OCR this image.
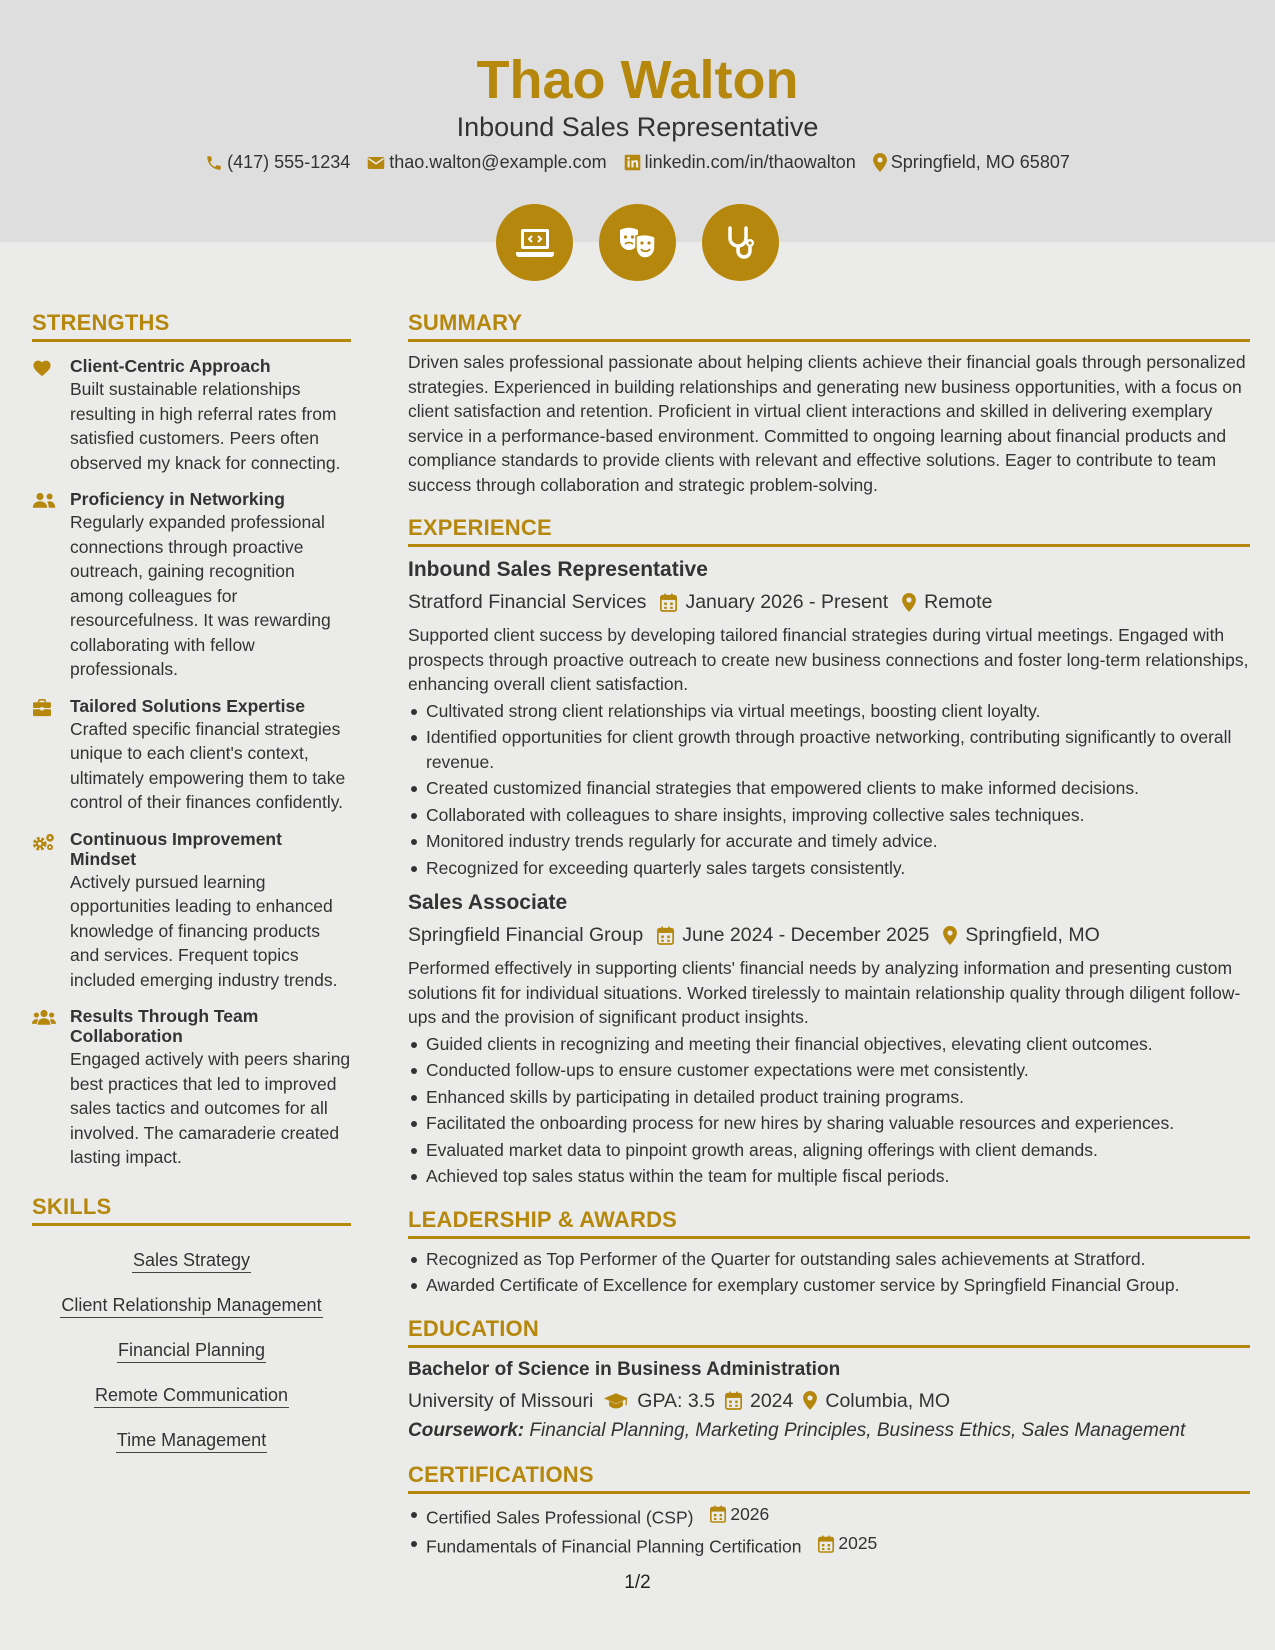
Thao Walton
Inbound Sales Representative
(417) 555-1234 thao.walton@example.com linkedin.com/in/thaowalton Springfield, MO 65807
STRENGTHS
Client-Centric Approach
Built sustainable relationships resulting in high referral rates from satisfied customers. Peers often observed my knack for connecting.
Proficiency in Networking
Regularly expanded professional connections through proactive outreach, gaining recognition among colleagues for resourcefulness. It was rewarding collaborating with fellow professionals.
Tailored Solutions Expertise
Crafted specific financial strategies unique to each client's context, ultimately empowering them to take control of their finances confidently.
Continuous Improvement Mindset
Actively pursued learning opportunities leading to enhanced knowledge of financing products and services. Frequent topics included emerging industry trends.
Results Through Team Collaboration
Engaged actively with peers sharing best practices that led to improved sales tactics and outcomes for all involved. The camaraderie created lasting impact.
SKILLS
Sales Strategy
Client Relationship Management
Financial Planning
Remote Communication
Time Management
SUMMARY
Driven sales professional passionate about helping clients achieve their financial goals through personalized strategies. Experienced in building relationships and generating new business opportunities, with a focus on client satisfaction and retention. Proficient in virtual client interactions and skilled in delivering exemplary service in a performance-based environment. Committed to ongoing learning about financial products and compliance standards to provide clients with relevant and effective solutions. Eager to contribute to team success through collaboration and strategic problem-solving.
EXPERIENCE
Inbound Sales Representative
Stratford Financial Services January 2026 - Present Remote
Supported client success by developing tailored financial strategies during virtual meetings. Engaged with prospects through proactive outreach to create new business connections and foster long-term relationships, enhancing overall client satisfaction.
Cultivated strong client relationships via virtual meetings, boosting client loyalty.
Identified opportunities for client growth through proactive networking, contributing significantly to overall revenue.
Created customized financial strategies that empowered clients to make informed decisions.
Collaborated with colleagues to share insights, improving collective sales techniques.
Monitored industry trends regularly for accurate and timely advice.
Recognized for exceeding quarterly sales targets consistently.
Sales Associate
Springfield Financial Group June 2024 - December 2025 Springfield, MO
Performed effectively in supporting clients' financial needs by analyzing information and presenting custom solutions fit for individual situations. Worked tirelessly to maintain relationship quality through diligent follow-ups and the provision of significant product insights.
Guided clients in recognizing and meeting their financial objectives, elevating client outcomes.
Conducted follow-ups to ensure customer expectations were met consistently.
Enhanced skills by participating in detailed product training programs.
Facilitated the onboarding process for new hires by sharing valuable resources and experiences.
Evaluated market data to pinpoint growth areas, aligning offerings with client demands.
Achieved top sales status within the team for multiple fiscal periods.
LEADERSHIP & AWARDS
Recognized as Top Performer of the Quarter for outstanding sales achievements at Stratford.
Awarded Certificate of Excellence for exemplary customer service by Springfield Financial Group.
EDUCATION
Bachelor of Science in Business Administration
University of Missouri GPA: 3.5 2024 Columbia, MO
Coursework: Financial Planning, Marketing Principles, Business Ethics, Sales Management
CERTIFICATIONS
Certified Sales Professional (CSP) 2026
Fundamentals of Financial Planning Certification 2025
1/2
